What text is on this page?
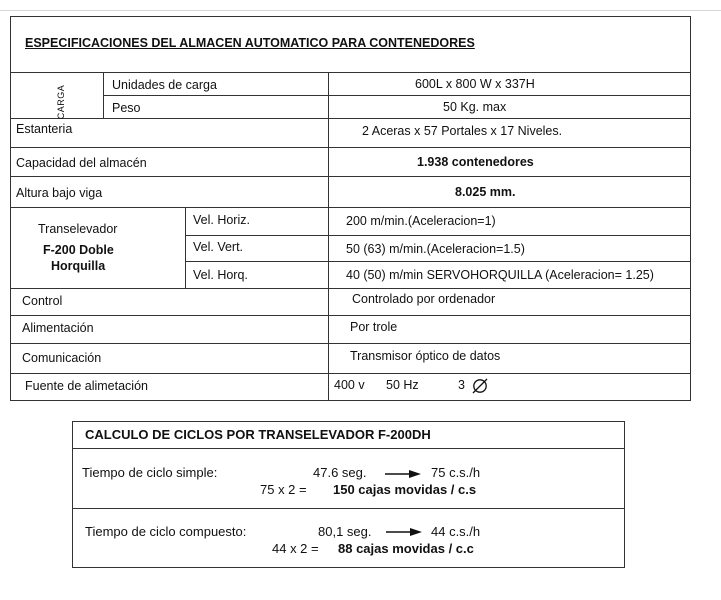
ESPECIFICACIONES DEL ALMACEN AUTOMATICO PARA CONTENEDORES
CARGA	Unidades de carga	600L x 800 W x 337H
Peso	50 Kg. max
Estanteria	2 Aceras x 57 Portales x 17 Niveles.
Capacidad del almacén	1.938 contenedores
Altura bajo viga	8.025 mm.
Transelevador
F-200 Doble
Horquilla
Vel. Horiz.	200 m/min.(Aceleracion=1)
Vel. Vert.	50 (63) m/min.(Aceleracion=1.5)
Vel. Horq.	40 (50) m/min SERVOHORQUILLA (Aceleracion= 1.25)
Control	Controlado por ordenador
Alimentación	Por trole
Comunicación	Transmisor óptico de datos
Fuente de alimetación	400 v 50 Hz	3
CALCULO DE CICLOS POR TRANSELEVADOR F-200DH
Tiempo de ciclo simple:	47.6 seg.	75 c.s./h
75 x 2 = 150 cajas movidas / c.s
Tiempo de ciclo compuesto:	80,1 seg.	44 c.s./h
44 x 2 = 88 cajas movidas / c.c
